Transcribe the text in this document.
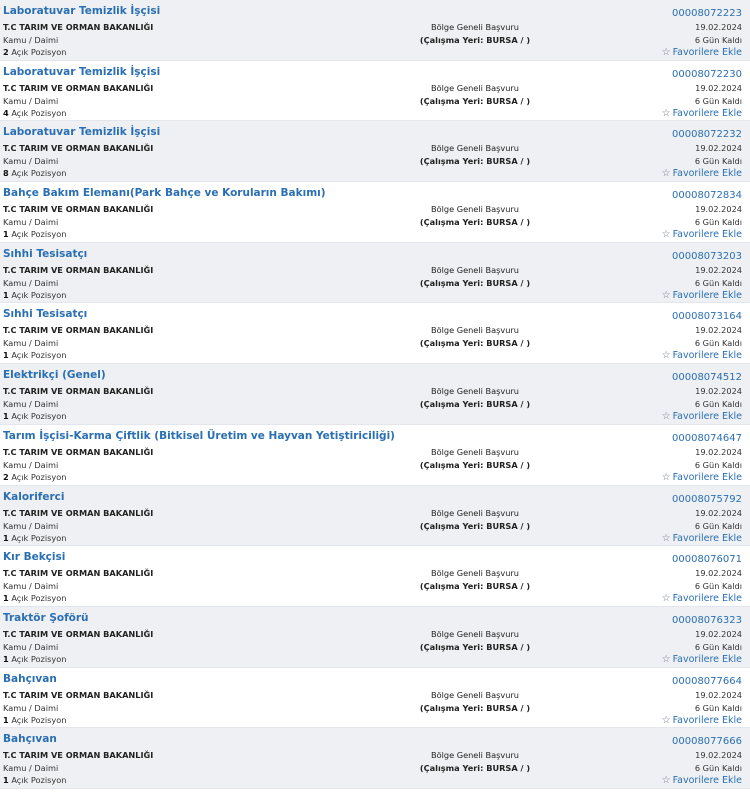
Laboratuvar Temizlik İşçisi
T.C TARIM VE ORMAN BAKANLIĞI
Kamu / Daimi
2 Açık Pozisyon
Bölge Geneli Başvuru
(Çalışma Yeri: BURSA / )
00008072223
19.02.2024
6 Gün Kaldı
☆ Favorilere Ekle
Laboratuvar Temizlik İşçisi
T.C TARIM VE ORMAN BAKANLIĞI
Kamu / Daimi
4 Açık Pozisyon
Bölge Geneli Başvuru
(Çalışma Yeri: BURSA / )
00008072230
19.02.2024
6 Gün Kaldı
☆ Favorilere Ekle
Laboratuvar Temizlik İşçisi
T.C TARIM VE ORMAN BAKANLIĞI
Kamu / Daimi
8 Açık Pozisyon
Bölge Geneli Başvuru
(Çalışma Yeri: BURSA / )
00008072232
19.02.2024
6 Gün Kaldı
☆ Favorilere Ekle
Bahçe Bakım Elemanı(Park Bahçe ve Koruların Bakımı)
T.C TARIM VE ORMAN BAKANLIĞI
Kamu / Daimi
1 Açık Pozisyon
Bölge Geneli Başvuru
(Çalışma Yeri: BURSA / )
00008072834
19.02.2024
6 Gün Kaldı
☆ Favorilere Ekle
Sıhhi Tesisatçı
T.C TARIM VE ORMAN BAKANLIĞI
Kamu / Daimi
1 Açık Pozisyon
Bölge Geneli Başvuru
(Çalışma Yeri: BURSA / )
00008073203
19.02.2024
6 Gün Kaldı
☆ Favorilere Ekle
Sıhhi Tesisatçı
T.C TARIM VE ORMAN BAKANLIĞI
Kamu / Daimi
1 Açık Pozisyon
Bölge Geneli Başvuru
(Çalışma Yeri: BURSA / )
00008073164
19.02.2024
6 Gün Kaldı
☆ Favorilere Ekle
Elektrikçi (Genel)
T.C TARIM VE ORMAN BAKANLIĞI
Kamu / Daimi
1 Açık Pozisyon
Bölge Geneli Başvuru
(Çalışma Yeri: BURSA / )
00008074512
19.02.2024
6 Gün Kaldı
☆ Favorilere Ekle
Tarım İşçisi-Karma Çiftlik (Bitkisel Üretim ve Hayvan Yetiştiriciliği)
T.C TARIM VE ORMAN BAKANLIĞI
Kamu / Daimi
2 Açık Pozisyon
Bölge Geneli Başvuru
(Çalışma Yeri: BURSA / )
00008074647
19.02.2024
6 Gün Kaldı
☆ Favorilere Ekle
Kaloriferci
T.C TARIM VE ORMAN BAKANLIĞI
Kamu / Daimi
1 Açık Pozisyon
Bölge Geneli Başvuru
(Çalışma Yeri: BURSA / )
00008075792
19.02.2024
6 Gün Kaldı
☆ Favorilere Ekle
Kır Bekçisi
T.C TARIM VE ORMAN BAKANLIĞI
Kamu / Daimi
1 Açık Pozisyon
Bölge Geneli Başvuru
(Çalışma Yeri: BURSA / )
00008076071
19.02.2024
6 Gün Kaldı
☆ Favorilere Ekle
Traktör Şoförü
T.C TARIM VE ORMAN BAKANLIĞI
Kamu / Daimi
1 Açık Pozisyon
Bölge Geneli Başvuru
(Çalışma Yeri: BURSA / )
00008076323
19.02.2024
6 Gün Kaldı
☆ Favorilere Ekle
Bahçıvan
T.C TARIM VE ORMAN BAKANLIĞI
Kamu / Daimi
1 Açık Pozisyon
Bölge Geneli Başvuru
(Çalışma Yeri: BURSA / )
00008077664
19.02.2024
6 Gün Kaldı
☆ Favorilere Ekle
Bahçıvan
T.C TARIM VE ORMAN BAKANLIĞI
Kamu / Daimi
1 Açık Pozisyon
Bölge Geneli Başvuru
(Çalışma Yeri: BURSA / )
00008077666
19.02.2024
6 Gün Kaldı
☆ Favorilere Ekle
